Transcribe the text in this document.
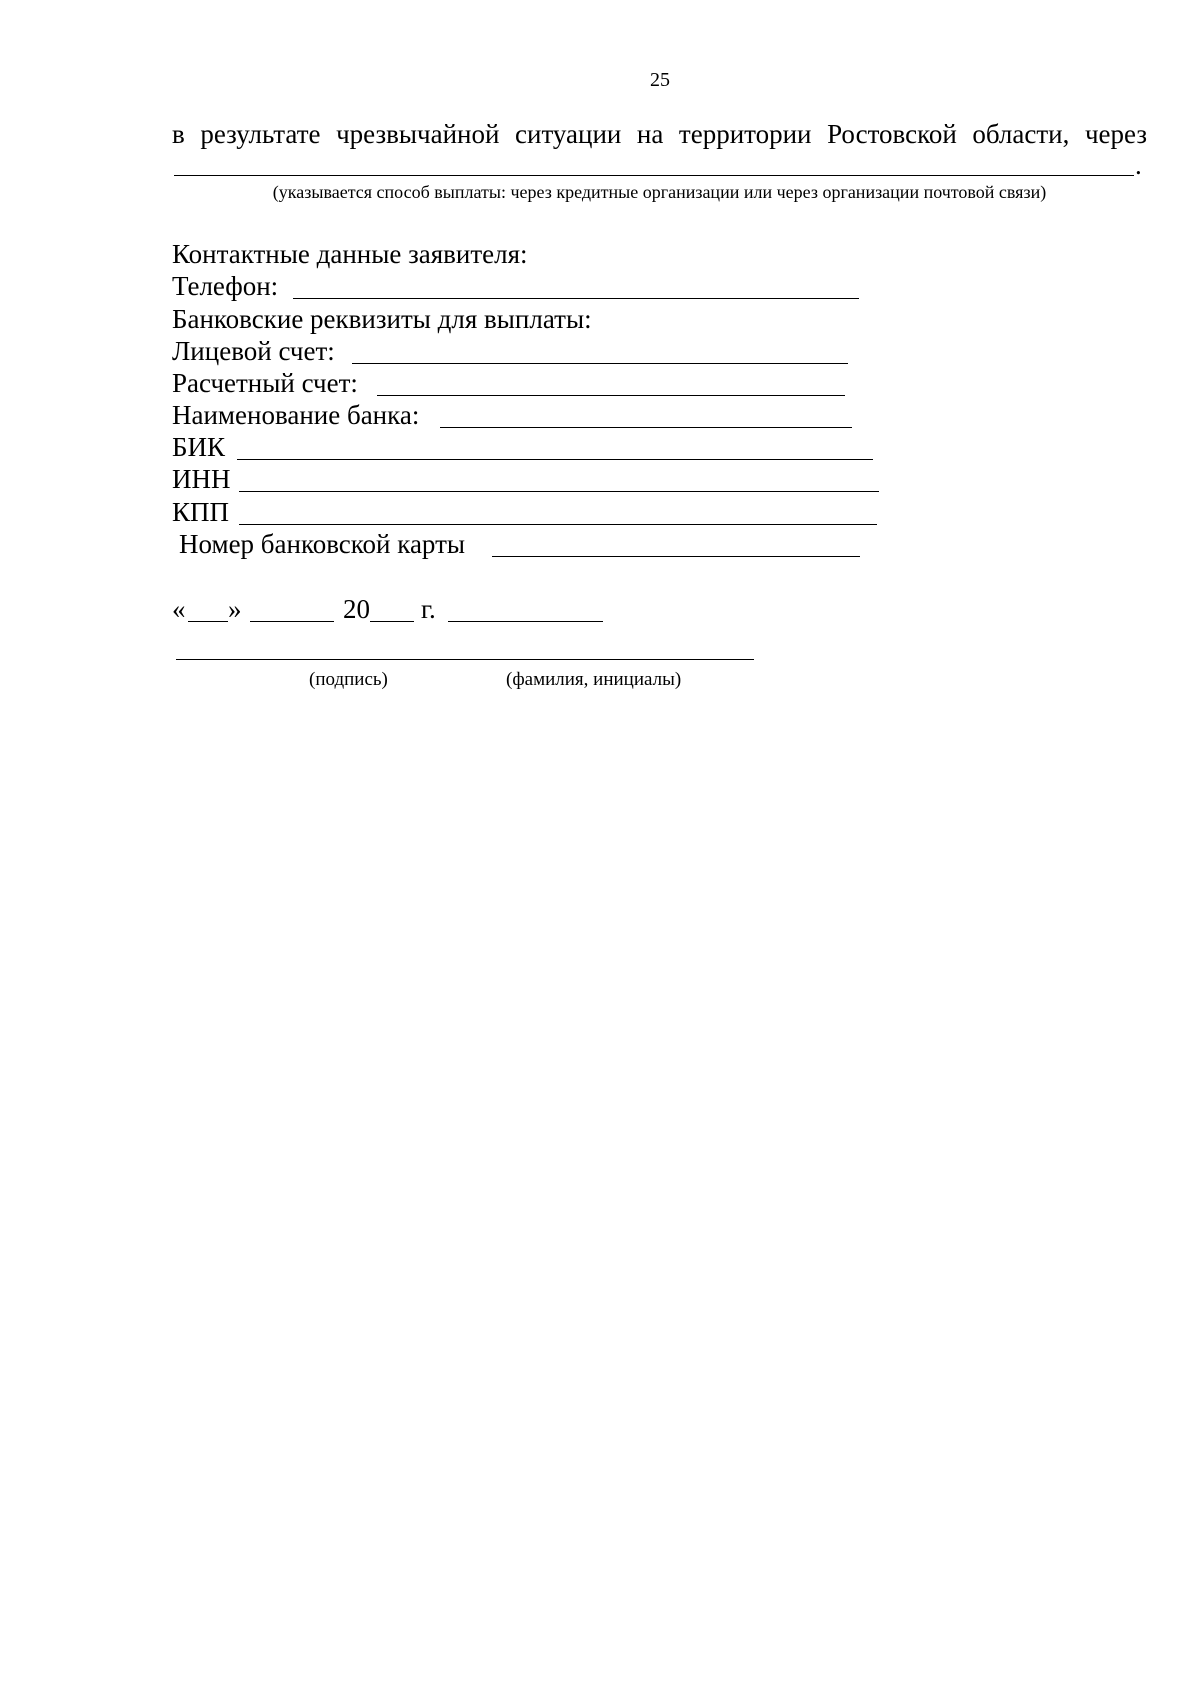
25
в результате чрезвычайной ситуации на территории Ростовской области, через
.
(указывается способ выплаты: через кредитные организации или через организации почтовой связи)
Контактные данные заявителя:
Телефон:
Банковские реквизиты для выплаты:
Лицевой счет:
Расчетный счет:
Наименование банка:
БИК
ИНН
КПП
Номер банковской карты
« »	20 г.
(подпись)	(фамилия, инициалы)
